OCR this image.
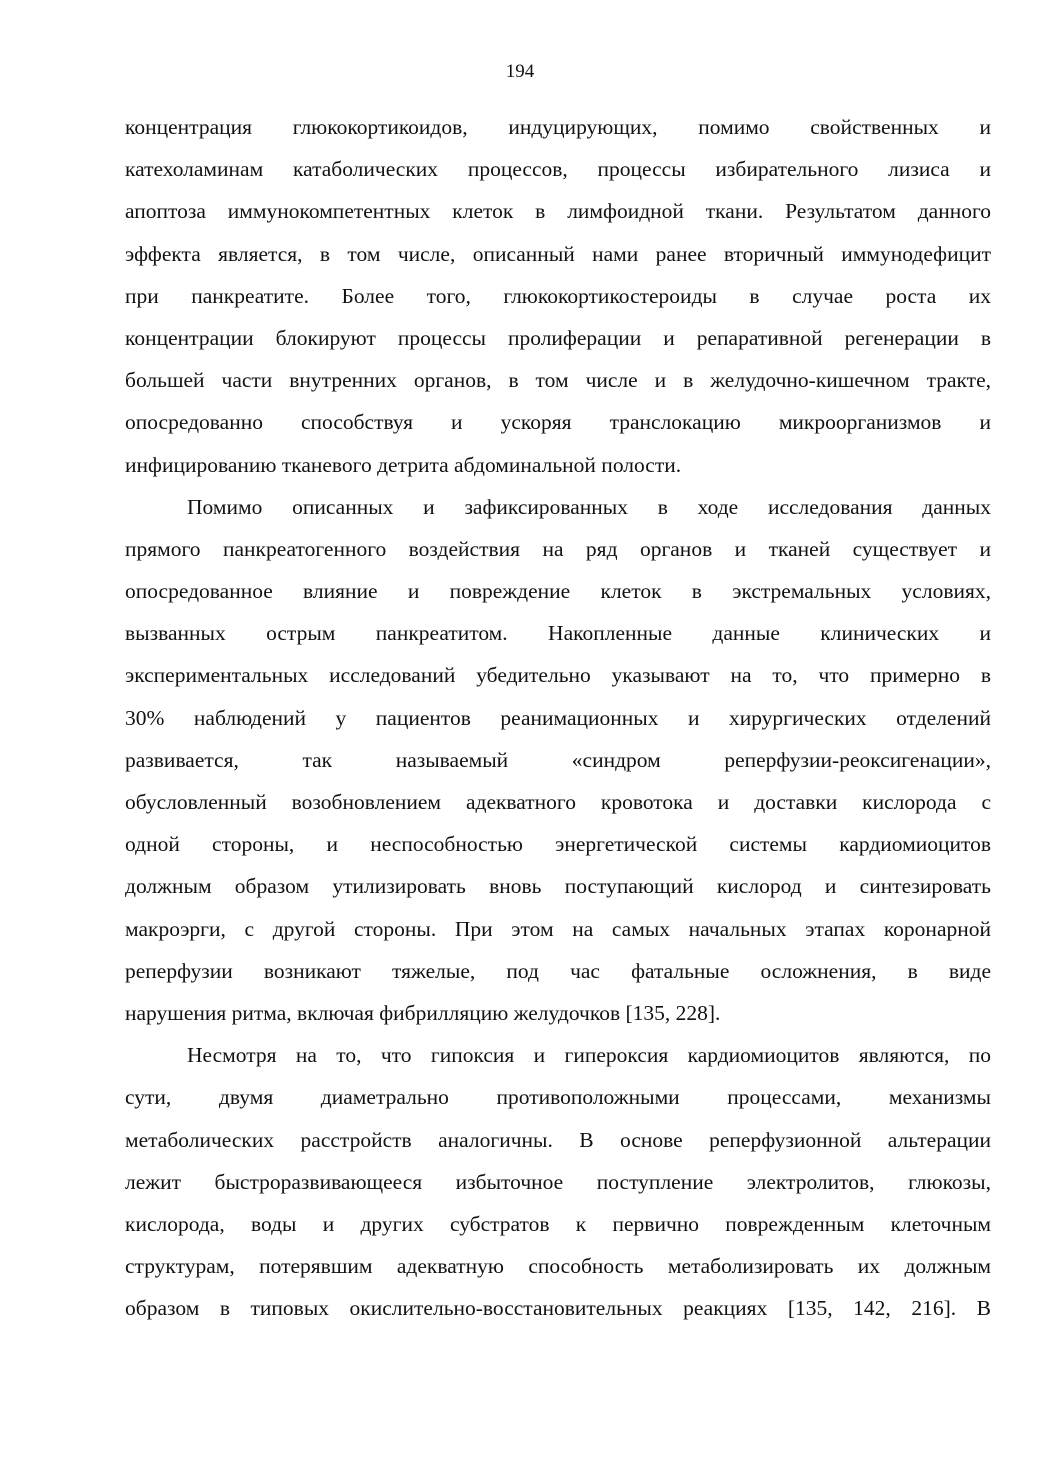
194

концентрация глюкокортикоидов, индуцирующих, помимо свойственных и
катехоламинам катаболических процессов, процессы избирательного лизиса и
апоптоза иммунокомпетентных клеток в лимфоидной ткани. Результатом данного
эффекта является, в том числе, описанный нами ранее вторичный иммунодефицит
при панкреатите. Более того, глюкокортикостероиды в случае роста их
концентрации блокируют процессы пролиферации и репаративной регенерации в
большей части внутренних органов, в том числе и в желудочно-кишечном тракте,
опосредованно способствуя и ускоряя транслокацию микроорганизмов и
инфицированию тканевого детрита абдоминальной полости.

Помимо описанных и зафиксированных в ходе исследования данных
прямого панкреатогенного воздействия на ряд органов и тканей существует и
опосредованное влияние и повреждение клеток в экстремальных условиях,
вызванных острым панкреатитом. Накопленные данные клинических и
экспериментальных исследований убедительно указывают на то, что примерно в
30% наблюдений у пациентов реанимационных и хирургических отделений
развивается, так называемый «синдром реперфузии-реоксигенации»,
обусловленный возобновлением адекватного кровотока и доставки кислорода с
одной стороны, и неспособностью энергетической системы кардиомиоцитов
должным образом утилизировать вновь поступающий кислород и синтезировать
макроэрги, с другой стороны. При этом на самых начальных этапах коронарной
реперфузии возникают тяжелые, под час фатальные осложнения, в виде
нарушения ритма, включая фибрилляцию желудочков [135, 228].

Несмотря на то, что гипоксия и гипероксия кардиомиоцитов являются, по
сути, двумя диаметрально противоположными процессами, механизмы
метаболических расстройств аналогичны. В основе реперфузионной альтерации
лежит быстроразвивающееся избыточное поступление электролитов, глюкозы,
кислорода, воды и других субстратов к первично поврежденным клеточным
структурам, потерявшим адекватную способность метаболизировать их должным
образом в типовых окислительно-восстановительных реакциях [135, 142, 216]. В
